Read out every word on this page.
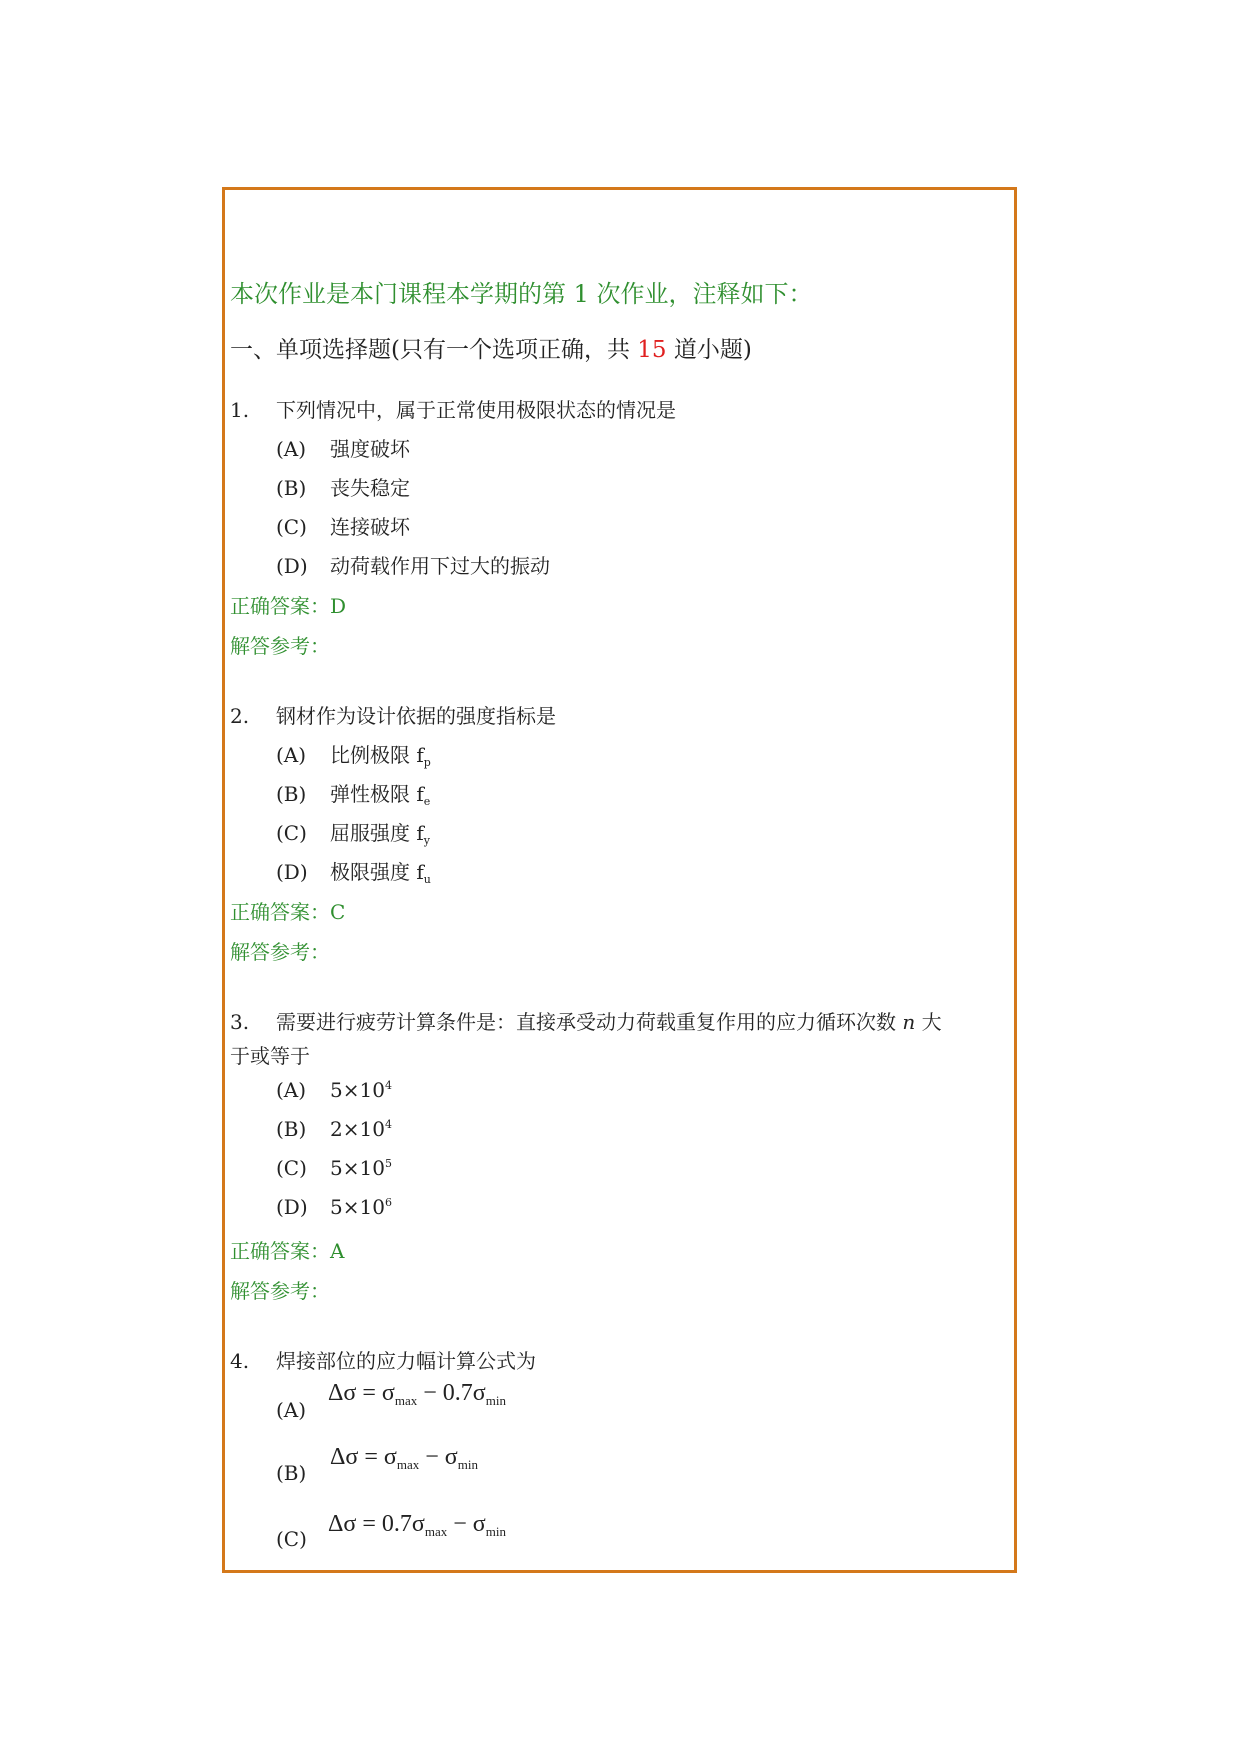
本次作业是本门课程本学期的第 1 次作业，注释如下：
一、单项选择题(只有一个选项正确，共 15 道小题)
1. 下列情况中，属于正常使用极限状态的情况是
(A) 强度破坏
(B) 丧失稳定
(C) 连接破坏
(D) 动荷载作用下过大的振动
正确答案：D
解答参考：
2. 钢材作为设计依据的强度指标是
(A) 比例极限 $f_p$
(B) 弹性极限 $f_e$
(C) 屈服强度 $f_y$
(D) 极限强度 $f_u$
正确答案：C
解答参考：
3. 需要进行疲劳计算条件是：直接承受动力荷载重复作用的应力循环次数 n 大
于或等于
(A) $5\times 10^4$
(B) $2\times 10^4$
(C) $5\times 10^5$
(D) $5\times 10^6$
正确答案：A
解答参考：
4. 焊接部位的应力幅计算公式为
(A)
$\Delta\sigma = \sigma_{max} - 0.7\sigma_{min}$
(B)
$\Delta\sigma = \sigma_{max} - \sigma_{min}$
(C)
$\Delta\sigma = 0.7\sigma_{max} - \sigma_{min}$
